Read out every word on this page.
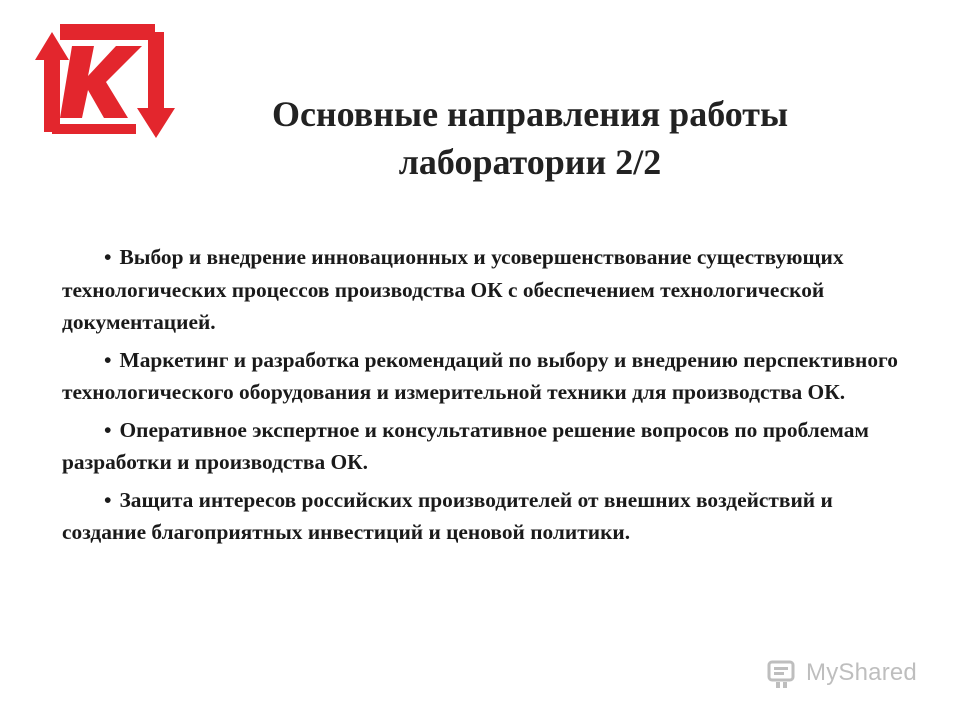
Основные направления работы
лаборатории 2/2
• Выбор и внедрение инновационных и усовершенствование существующих технологических процессов производства ОК с обеспечением технологической документацией.
• Маркетинг и разработка рекомендаций по выбору и внедрению перспективного технологического оборудования и измерительной техники для производства ОК.
• Оперативное экспертное и консультативное решение вопросов по проблемам разработки и производства ОК.
• Защита интересов российских производителей от внешних воздействий и создание благоприятных инвестиций и ценовой политики.
MyShared
